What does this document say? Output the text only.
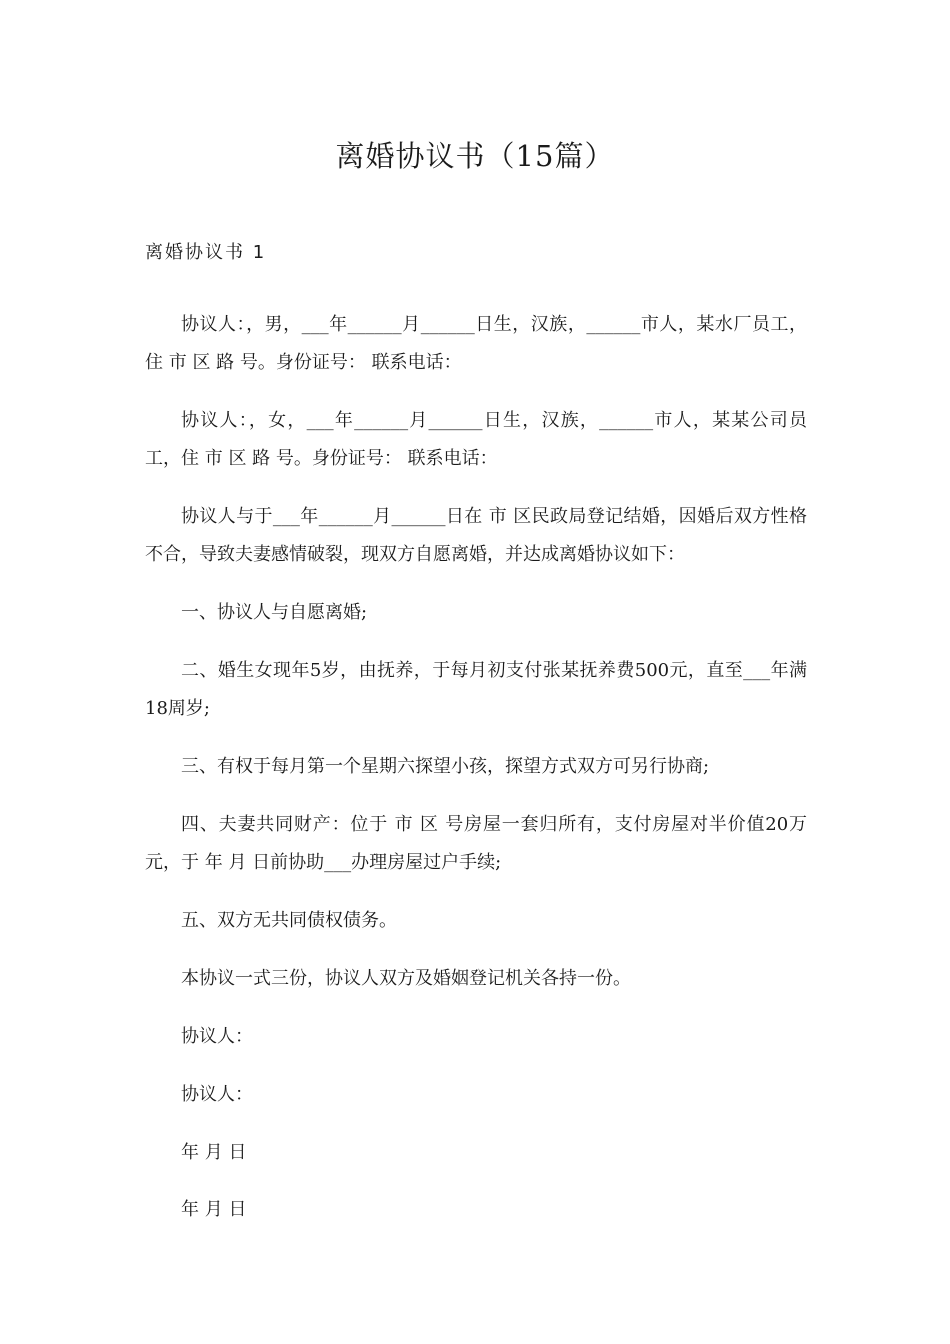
离婚协议书（15篇）
离婚协议书 1

协议人：，男，___年______月______日生，汉族，______市人，某水厂员工，住 市 区 路 号。身份证号： 联系电话：

协议人：，女，___年______月______日生，汉族，______市人，某某公司员工，住 市 区 路 号。身份证号： 联系电话：

协议人与于___年______月______日在 市 区民政局登记结婚，因婚后双方性格不合，导致夫妻感情破裂，现双方自愿离婚，并达成离婚协议如下：

一、协议人与自愿离婚;

二、婚生女现年5岁，由抚养，于每月初支付张某抚养费500元，直至___年满18周岁;

三、有权于每月第一个星期六探望小孩，探望方式双方可另行协商;

四、夫妻共同财产：位于 市 区 号房屋一套归所有，支付房屋对半价值20万元，于 年 月 日前协助___办理房屋过户手续;

五、双方无共同债权债务。

本协议一式三份，协议人双方及婚姻登记机关各持一份。

协议人：

协议人：

年 月 日

年 月 日
